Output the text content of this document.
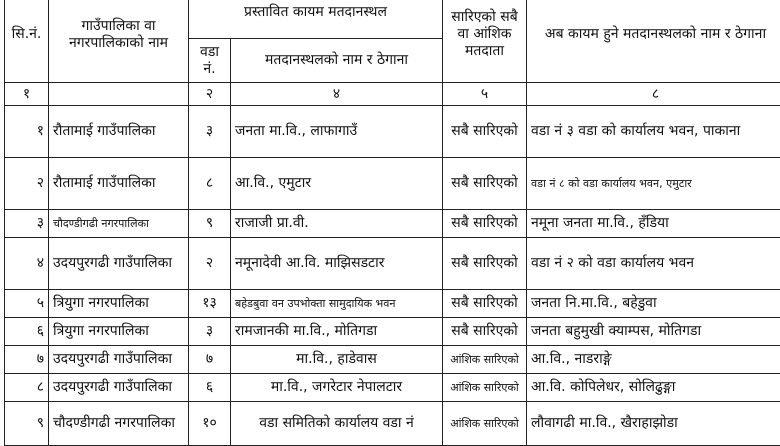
सि.नं.	गाउँपालिका वा नगरपालिकाको नाम	प्रस्तावित कायम मतदानस्थल		सारिएको सबै वा आंशिक मतदाता	अब कायम हुने मतदानस्थलको नाम र ठेगाना
		वडा नं.	मतदानस्थलको नाम र ठेगाना		
१		२	४	५	८
१	रौतामाई गाउँपालिका	३	जनता मा.वि., लाफागाउँ	सबै सारिएको	वडा नं ३ वडा को कार्यालय भवन, पाकाना
२	रौतामाई गाउँपालिका	८	आ.वि., एमुटार	सबै सारिएको	वडा नं ८ को वडा कार्यालय भवन, एमुटार
३	चौदण्डीगढी नगरपालिका	९	राजाजी प्रा.वी.	सबै सारिएको	नमूना जनता मा.वि., हँडिया
४	उदयपुरगढी गाउँपालिका	२	नमूनादेवी आ.वि. माझिसडटार	सबै सारिएको	वडा नं २ को वडा कार्यालय भवन
५	त्रियुगा नगरपालिका	१३	बहेडबुवा वन उपभोक्ता सामुदायिक भवन	सबै सारिएको	जनता नि.मा.वि., बहेडुवा
६	त्रियुगा नगरपालिका	३	रामजानकी मा.वि., मोतिगडा	सबै सारिएको	जनता बहुमुखी क्याम्पस, मोतिगडा
७	उदयपुरगढी गाउँपालिका	७	मा.वि., हाडेवास	आंशिक सारिएको	आ.वि., नाडराङ्गे
८	उदयपुरगढी गाउँपालिका	६	मा.वि., जगरेटार नेपालटार	आंशिक सारिएको	आ.वि. कोपिलेधर, सोलिढुङ्गा
९	चौदण्डीगढी नगरपालिका	१०	वडा समितिको कार्यालय वडा नं	आंशिक सारिएको	लौवागढी मा.वि., खैराहाझोडा
